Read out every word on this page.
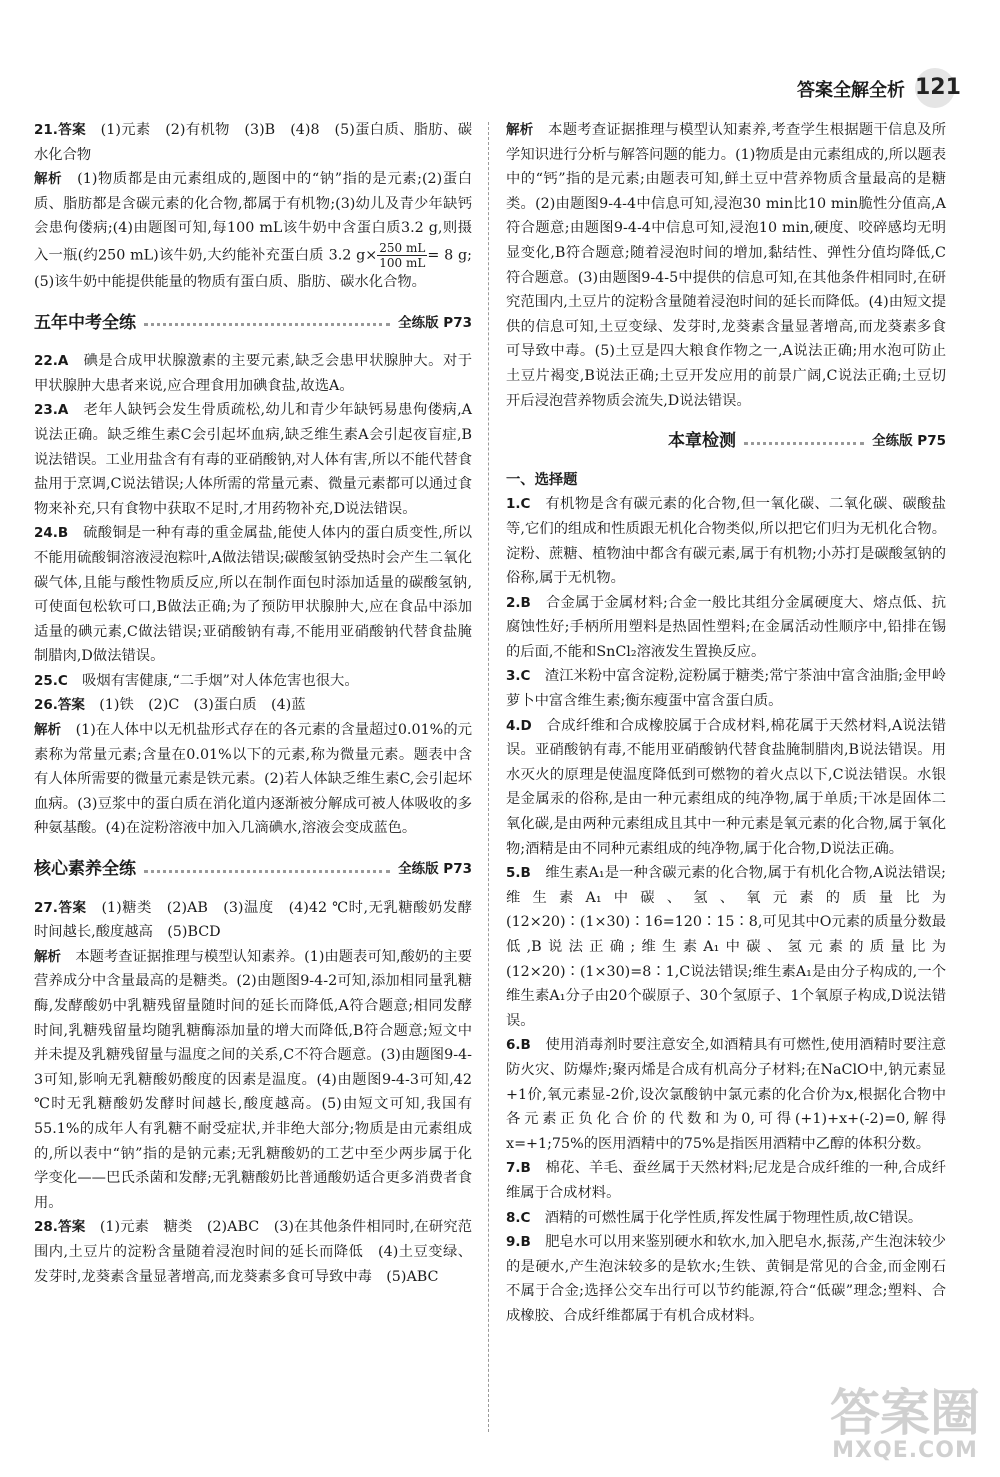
答案全解全析 121

21.答案　 (1)元素　(2)有机物　(3)B　(4)8　(5)蛋白质、脂肪、碳水化合物

解析　 (1)物质都是由元素组成的,题图中的“钠”指的是元素;(2)蛋白质、脂肪都是含碳元素的化合物,都属于有机物;(3)幼儿及青少年缺钙会患佝偻病;(4)由题图可知,每100 mL该牛奶中含蛋白质3.2 g,则摄入一瓶(约250 mL)该牛奶,大约能补充蛋白质 3.2 $g\times \frac{250 mL}{100 mL} = 8$ g;(5)该牛奶中能提供能量的物质有蛋白质、脂肪、碳水化合物。

五年中考全练	全练版 P73

22.A　 碘是合成甲状腺激素的主要元素,缺乏会患甲状腺肿大。对于甲状腺肿大患者来说,应合理食用加碘食盐,故选A。

23.A　 老年人缺钙会发生骨质疏松,幼儿和青少年缺钙易患佝偻病,A说法正确。缺乏维生素C会引起坏血病,缺乏维生素A会引起夜盲症,B说法错误。工业用盐含有有毒的亚硝酸钠,对人体有害,所以不能代替食盐用于烹调,C说法错误;人体所需的常量元素、微量元素都可以通过食物来补充,只有食物中获取不足时,才用药物补充,D说法错误。

24.B　 硫酸铜是一种有毒的重金属盐,能使人体内的蛋白质变性,所以不能用硫酸铜溶液浸泡粽叶,A做法错误;碳酸氢钠受热时会产生二氧化碳气体,且能与酸性物质反应,所以在制作面包时添加适量的碳酸氢钠,可使面包松软可口,B做法正确;为了预防甲状腺肿大,应在食品中添加适量的碘元素,C做法错误;亚硝酸钠有毒,不能用亚硝酸钠代替食盐腌制腊肉,D做法错误。

25.C　 吸烟有害健康,“二手烟”对人体危害也很大。

26.答案　 (1)铁　(2)C　(3)蛋白质　(4)蓝

解析　 (1)在人体中以无机盐形式存在的各元素的含量超过0.01%的元素称为常量元素;含量在0.01%以下的元素,称为微量元素。题表中含有人体所需要的微量元素是铁元素。(2)若人体缺乏维生素C,会引起坏血病。(3)豆浆中的蛋白质在消化道内逐渐被分解成可被人体吸收的多种氨基酸。(4)在淀粉溶液中加入几滴碘水,溶液会变成蓝色。

核心素养全练	全练版 P73

27.答案　 (1)糖类　(2)AB　(3)温度　(4)42 ℃时,无乳糖酸奶发酵时间越长,酸度越高　(5)BCD

解析　 本题考查证据推理与模型认知素养。(1)由题表可知,酸奶的主要营养成分中含量最高的是糖类。(2)由题图9-4-2可知,添加相同量乳糖酶,发酵酸奶中乳糖残留量随时间的延长而降低,A符合题意;相同发酵时间,乳糖残留量均随乳糖酶添加量的增大而降低,B符合题意;短文中并未提及乳糖残留量与温度之间的关系,C不符合题意。(3)由题图9-4-3可知,影响无乳糖酸奶酸度的因素是温度。(4)由题图9-4-3可知,42 ℃时无乳糖酸奶发酵时间越长,酸度越高。(5)由短文可知,我国有55.1%的成年人有乳糖不耐受症状,并非绝大部分;物质是由元素组成的,所以表中“钠”指的是钠元素;无乳糖酸奶的工艺中至少两步属于化学变化——巴氏杀菌和发酵;无乳糖酸奶比普通酸奶适合更多消费者食用。

28.答案　 (1)元素　糖类　(2)ABC　(3)在其他条件相同时,在研究范围内,土豆片的淀粉含量随着浸泡时间的延长而降低　(4)土豆变绿、发芽时,龙葵素含量显著增高,而龙葵素多食可导致中毒　(5)ABC

解析　 本题考查证据推理与模型认知素养,考查学生根据题干信息及所学知识进行分析与解答问题的能力。(1)物质是由元素组成的,所以题表中的“钙”指的是元素;由题表可知,鲜土豆中营养物质含量最高的是糖类。(2)由题图9-4-4中信息可知,浸泡30 min比10 min脆性分值高,A符合题意;由题图9-4-4中信息可知,浸泡10 min,硬度、咬碎感均无明显变化,B符合题意;随着浸泡时间的增加,黏结性、弹性分值均降低,C符合题意。(3)由题图9-4-5中提供的信息可知,在其他条件相同时,在研究范围内,土豆片的淀粉含量随着浸泡时间的延长而降低。(4)由短文提供的信息可知,土豆变绿、发芽时,龙葵素含量显著增高,而龙葵素多食可导致中毒。(5)土豆是四大粮食作物之一,A说法正确;用水泡可防止土豆片褐变,B说法正确;土豆开发应用的前景广阔,C说法正确;土豆切开后浸泡营养物质会流失,D说法错误。

本章检测	全练版 P75

一、选择题

1.C　 有机物是含有碳元素的化合物,但一氧化碳、二氧化碳、碳酸盐等,它们的组成和性质跟无机化合物类似,所以把它们归为无机化合物。淀粉、蔗糖、植物油中都含有碳元素,属于有机物;小苏打是碳酸氢钠的俗称,属于无机物。

2.B　 合金属于金属材料;合金一般比其组分金属硬度大、熔点低、抗腐蚀性好;手柄所用塑料是热固性塑料;在金属活动性顺序中,铅排在锡的后面,不能和SnCl₂溶液发生置换反应。

3.C　 渣江米粉中富含淀粉,淀粉属于糖类;常宁茶油中富含油脂;金甲岭萝卜中富含维生素;衡东瘦蛋中富含蛋白质。

4.D　 合成纤维和合成橡胶属于合成材料,棉花属于天然材料,A说法错误。亚硝酸钠有毒,不能用亚硝酸钠代替食盐腌制腊肉,B说法错误。用水灭火的原理是使温度降低到可燃物的着火点以下,C说法错误。水银是金属汞的俗称,是由一种元素组成的纯净物,属于单质;干冰是固体二氧化碳,是由两种元素组成且其中一种元素是氧元素的化合物,属于氧化物;酒精是由不同种元素组成的纯净物,属于化合物,D说法正确。

5.B　 维生素A₁是一种含碳元素的化合物,属于有机化合物,A说法错误;维生素A₁中碳、氢、氧元素的质量比为(12×20)∶(1×30)∶16=120∶15∶8,可见其中O元素的质量分数最低,B说法正确;维生素A₁中碳、氢元素的质量比为(12×20)∶(1×30)=8∶1,C说法错误;维生素A₁是由分子构成的,一个维生素A₁分子由20个碳原子、30个氢原子、1个氧原子构成,D说法错误。

6.B　 使用消毒剂时要注意安全,如酒精具有可燃性,使用酒精时要注意防火灾、防爆炸;聚丙烯是合成有机高分子材料;在NaClO中,钠元素显+1价,氧元素显-2价,设次氯酸钠中氯元素的化合价为x,根据化合物中各元素正负化合价的代数和为0,可得(+1)+x+(-2)=0,解得x=+1;75%的医用酒精中的75%是指医用酒精中乙醇的体积分数。

7.B　 棉花、羊毛、蚕丝属于天然材料;尼龙是合成纤维的一种,合成纤维属于合成材料。

8.C　 酒精的可燃性属于化学性质,挥发性属于物理性质,故C错误。

9.B　 肥皂水可以用来鉴别硬水和软水,加入肥皂水,振荡,产生泡沫较少的是硬水,产生泡沫较多的是软水;生铁、黄铜是常见的合金,而金刚石不属于合金;选择公交车出行可以节约能源,符合“低碳”理念;塑料、合成橡胶、合成纤维都属于有机合成材料。

答案圈
MXQE.COM
